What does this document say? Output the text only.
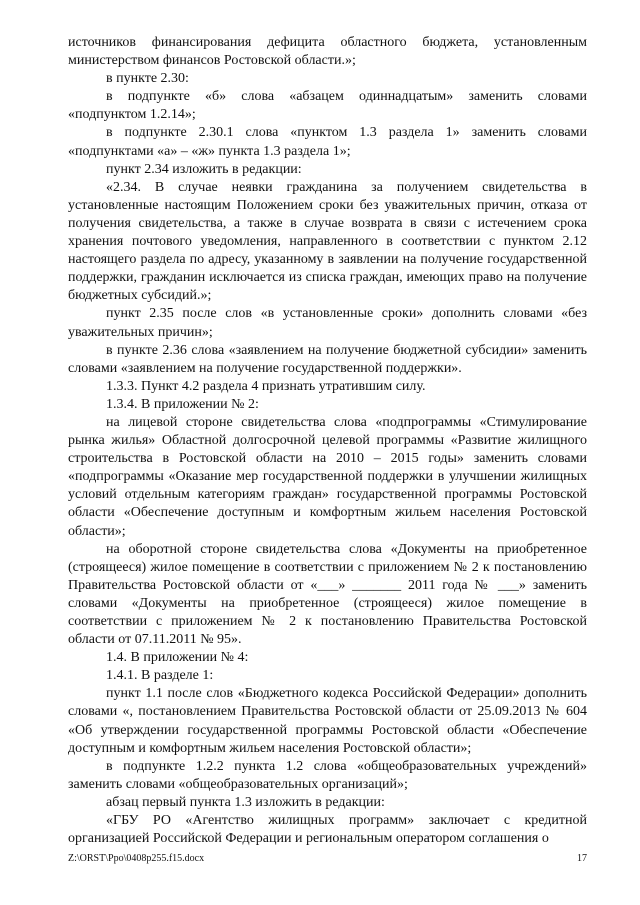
источников финансирования дефицита областного бюджета, установленным министерством финансов Ростовской области.»;

в пункте 2.30:

в подпункте «б» слова «абзацем одиннадцатым» заменить словами «подпунктом 1.2.14»;

в подпункте 2.30.1 слова «пунктом 1.3 раздела 1» заменить словами «подпунктами «а» – «ж» пункта 1.3 раздела 1»;

пункт 2.34 изложить в редакции:

«2.34. В случае неявки гражданина за получением свидетельства в установленные настоящим Положением сроки без уважительных причин, отказа от получения свидетельства, а также в случае возврата в связи с истечением срока хранения почтового уведомления, направленного в соответствии с пунктом 2.12 настоящего раздела по адресу, указанному в заявлении на получение государственной поддержки, гражданин исключается из списка граждан, имеющих право на получение бюджетных субсидий.»;

пункт 2.35 после слов «в установленные сроки» дополнить словами «без уважительных причин»;

в пункте 2.36 слова «заявлением на получение бюджетной субсидии» заменить словами «заявлением на получение государственной поддержки».

1.3.3. Пункт 4.2 раздела 4 признать утратившим силу.

1.3.4. В приложении № 2:

на лицевой стороне свидетельства слова «подпрограммы «Стимулирование рынка жилья» Областной долгосрочной целевой программы «Развитие жилищного строительства в Ростовской области на 2010 – 2015 годы» заменить словами «подпрограммы «Оказание мер государственной поддержки в улучшении жилищных условий отдельным категориям граждан» государственной программы Ростовской области «Обеспечение доступным и комфортным жильем населения Ростовской области»;

на оборотной стороне свидетельства слова «Документы на приобретенное (строящееся) жилое помещение в соответствии с приложением № 2 к постановлению Правительства Ростовской области от «___» _______ 2011 года № ___» заменить словами «Документы на приобретенное (строящееся) жилое помещение в соответствии с приложением № 2 к постановлению Правительства Ростовской области от 07.11.2011 № 95».

1.4. В приложении № 4:

1.4.1. В разделе 1:

пункт 1.1 после слов «Бюджетного кодекса Российской Федерации» дополнить словами «, постановлением Правительства Ростовской области от 25.09.2013 № 604 «Об утверждении государственной программы Ростовской области «Обеспечение доступным и комфортным жильем населения Ростовской области»;

в подпункте 1.2.2 пункта 1.2 слова «общеобразовательных учреждений» заменить словами «общеобразовательных организаций»;

абзац первый пункта 1.3 изложить в редакции:

«ГБУ РО «Агентство жилищных программ» заключает с кредитной организацией Российской Федерации и региональным оператором соглашения о

Z:\ORST\Ppo\0408p255.f15.docx	17
